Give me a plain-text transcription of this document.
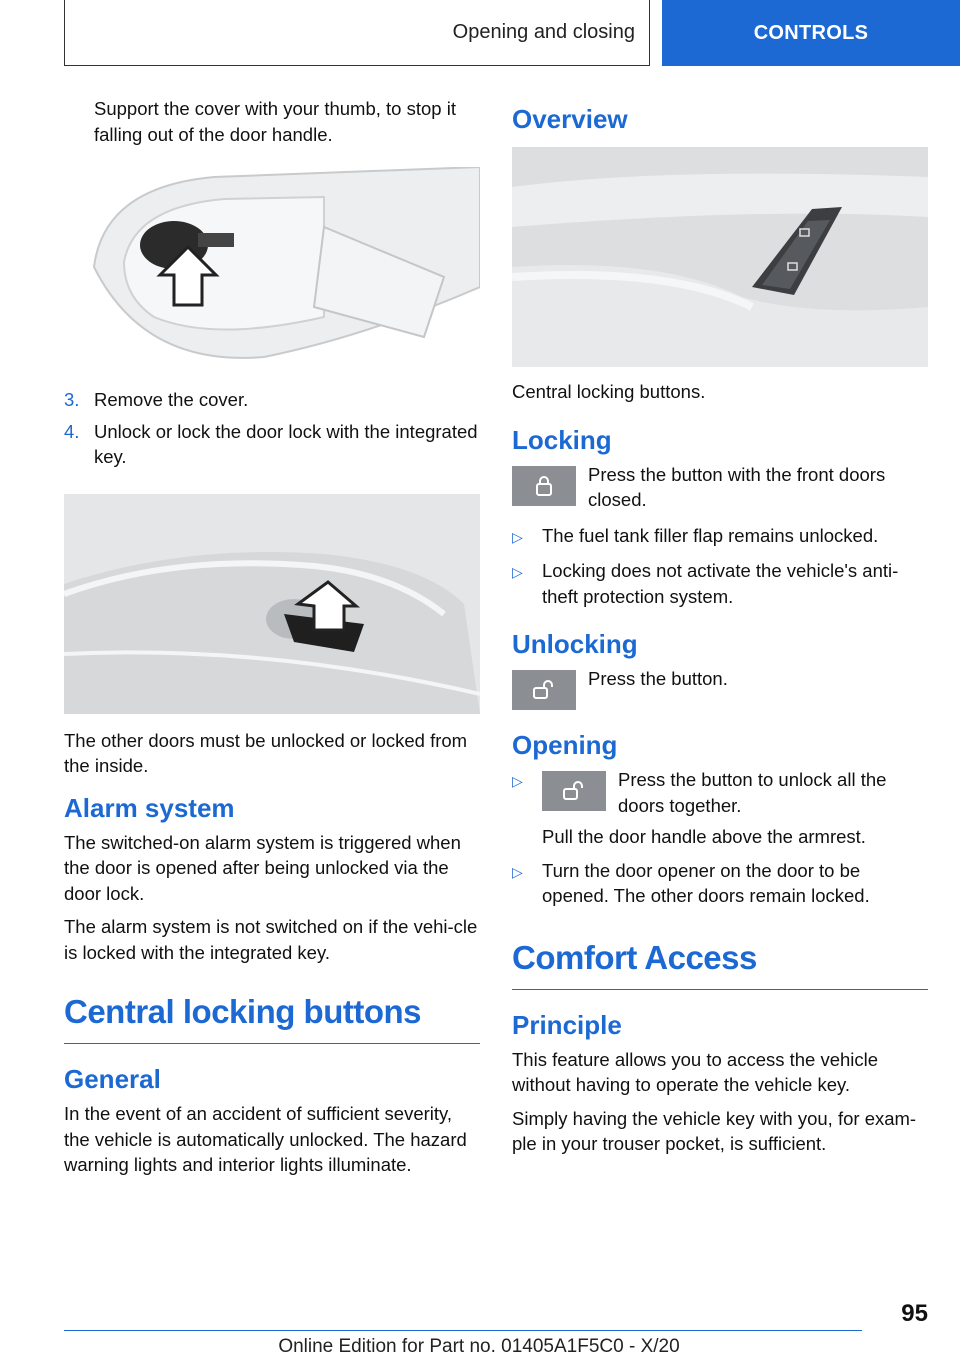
Opening and closing	CONTROLS

Support the cover with your thumb, to stop it falling out of the door handle.

3. Remove the cover.
4. Unlock or lock the door lock with the integrated key.

The other doors must be unlocked or locked from the inside.

Alarm system

The switched-on alarm system is triggered when the door is opened after being unlocked via the door lock.

The alarm system is not switched on if the vehi‐cle is locked with the integrated key.

Central locking buttons
General

In the event of an accident of sufficient severity, the vehicle is automatically unlocked. The hazard warning lights and interior lights illuminate.

Overview

Central locking buttons.

Locking

Press the button with the front doors closed.

▷	The fuel tank filler flap remains unlocked.
▷	Locking does not activate the vehicle's anti‐theft protection system.
Unlocking

Press the button.

Opening
▷	Press the button to unlock all the doors together.
Pull the door handle above the armrest.
▷	Turn the door opener on the door to be opened. The other doors remain locked.
Comfort Access
Principle

This feature allows you to access the vehicle without having to operate the vehicle key.

Simply having the vehicle key with you, for exam‐ple in your trouser pocket, is sufficient.

95
Online Edition for Part no. 01405A1F5C0 - X/20
